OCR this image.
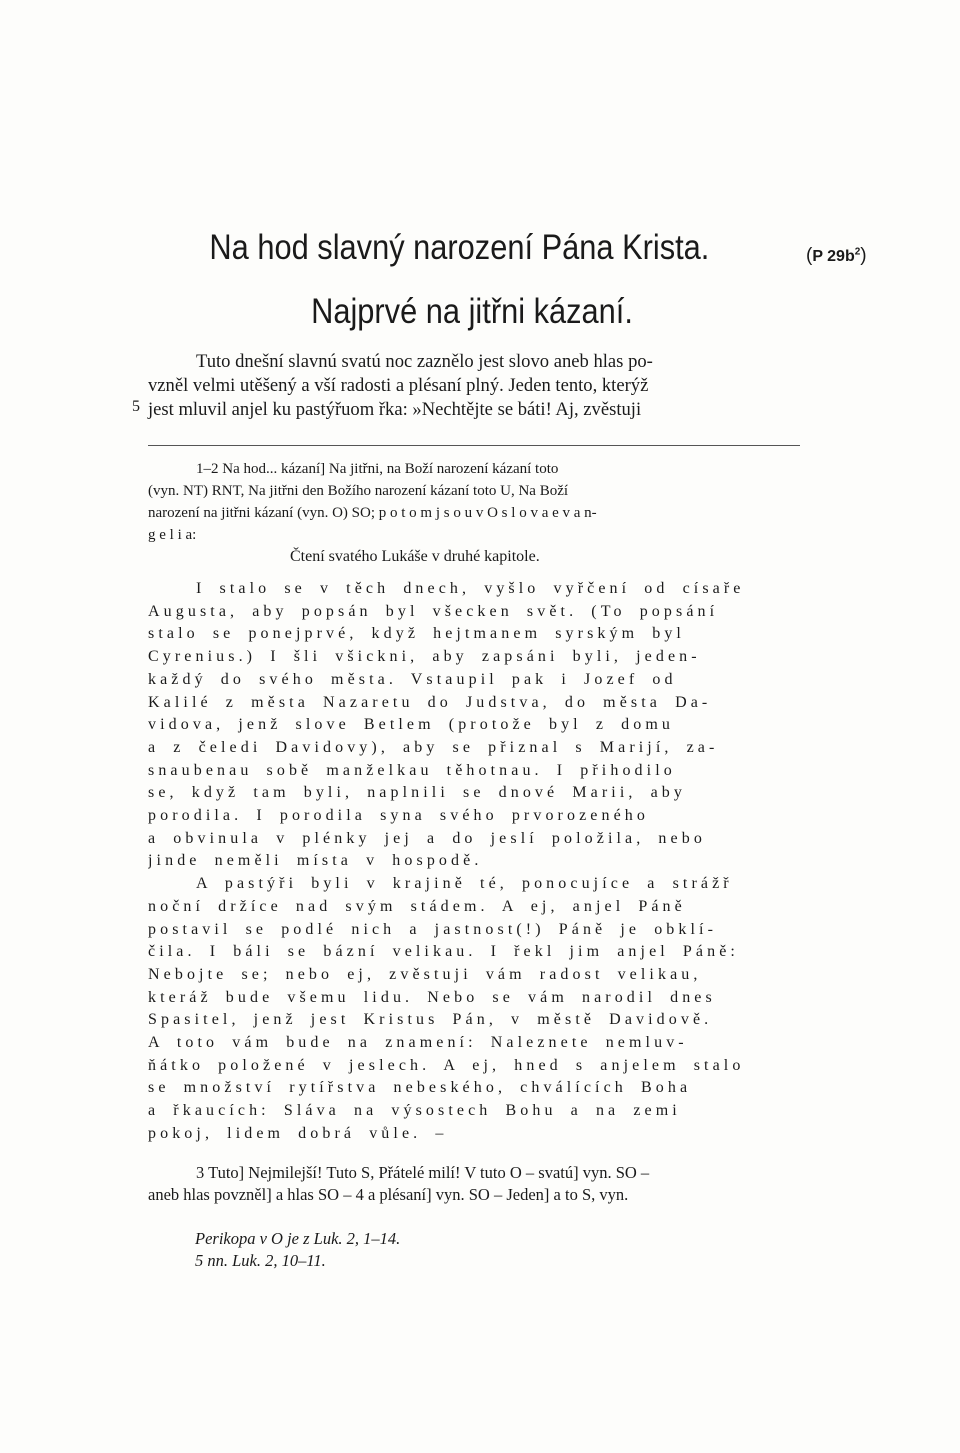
Na hod slavný narození Pána Krista.	(P $29b^2$)
Najprvé na jitřni kázaní.
Tuto dnešní slavnú svatú noc zaznělo jest slovo aneb hlas po-
vzněl velmi utěšený a vší radosti a plésaní plný. Jeden tento, kterýž
jest mluvil anjel ku pastýřuom řka: »Nechtějte se báti! Aj, zvěstuji
5
1–2 Na hod... kázaní] Na jitřni, na Boží narození kázaní toto
(vyn. NT) RNT, Na jitřni den Božího narození kázaní toto U, Na Boží
narození na jitřni kázaní (vyn. O) SO; p o t o m j s o u v O s l o v a e v a n-
g e l i a:
Čtení svatého Lukáše v druhé kapitole.
I stalo se v těch dnech, vyšlo vyřčení od císaře
Augusta, aby popsán byl všecken svět. (To popsání
stalo se ponejprvé, když hejtmanem syrským byl
Cyrenius.) I šli všickni, aby zapsáni byli, jeden-
každý do svého města. Vstaupil pak i Jozef od
Kalilé z města Nazaretu do Judstva, do města Da-
vidova, jenž slove Betlem (protože byl z domu
a z čeledi Davidovy), aby se přiznal s Marijí, za-
snaubenau sobě manželkau těhotnau. I přihodilo
se, když tam byli, naplnili se dnové Marii, aby
porodila. I porodila syna svého prvorozeného
a obvinula v plénky jej a do jeslí položila, nebo
jinde neměli místa v hospodě.
A pastýři byli v krajině té, ponocujíce a strážř
noční držíce nad svým stádem. A ej, anjel Páně
postavil se podlé nich a jastnost(!) Páně je obklí-
čila. I báli se bázní velikau. I řekl jim anjel Páně:
Nebojte se; nebo ej, zvěstuji vám radost velikau,
kteráž bude všemu lidu. Nebo se vám narodil dnes
Spasitel, jenž jest Kristus Pán, v městě Davidově.
A toto vám bude na znamení: Naleznete nemluv-
ňátko položené v jeslech. A ej, hned s anjelem stalo
se množství rytířstva nebeského, chválících Boha
a řkaucích: Sláva na výsostech Bohu a na zemi
pokoj, lidem dobrá vůle. –
3 Tuto] Nejmilejší! Tuto S, Přátelé milí! V tuto O – svatú] vyn. SO –
aneb hlas povzněl] a hlas SO – 4 a plésaní] vyn. SO – Jeden] a to S, vyn.
Perikopa v O je z Luk. 2, 1–14.
5 nn. Luk. 2, 10–11.
